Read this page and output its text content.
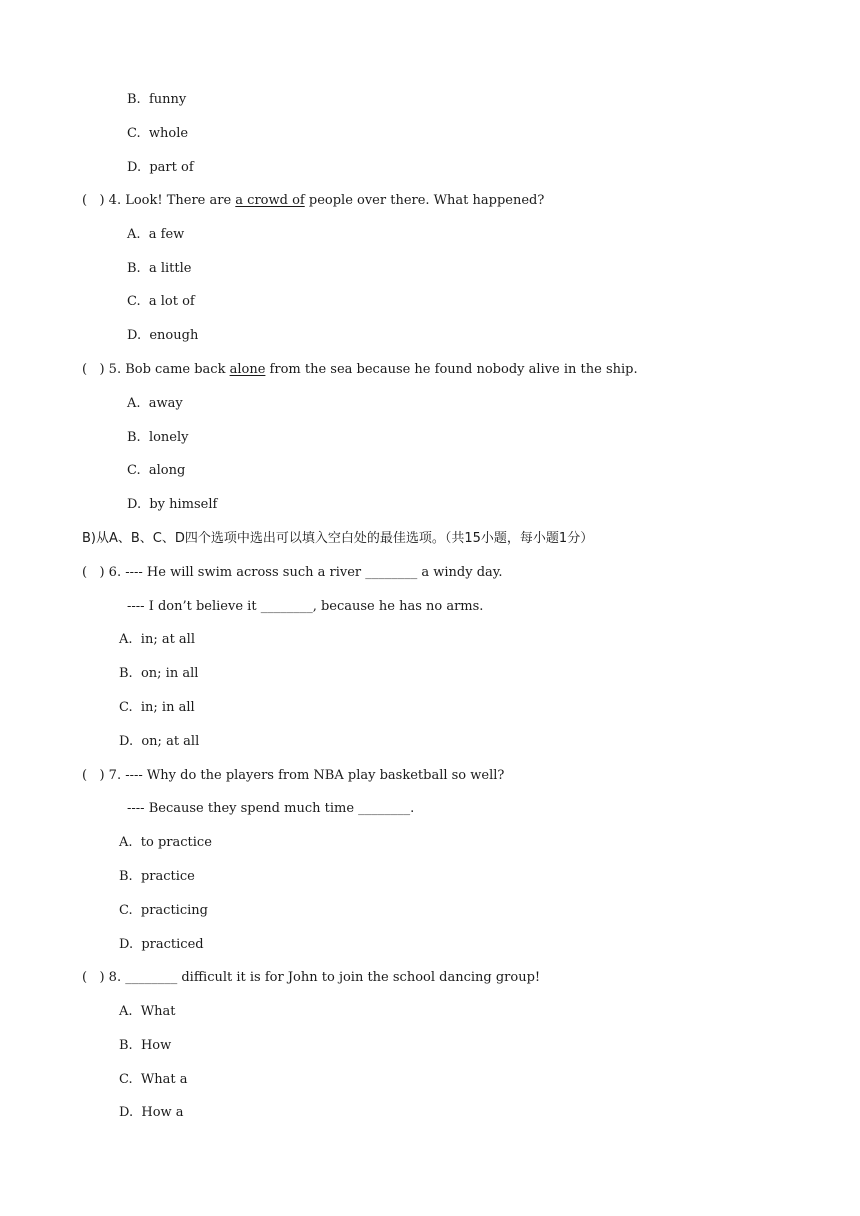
B.  funny
C.  whole
D.  part of
(   ) 4. Look! There are a crowd of people over there. What happened?
A.  a few
B.  a little
C.  a lot of
D.  enough
(   ) 5. Bob came back alone from the sea because he found nobody alive in the ship.
A.  away
B.  lonely
C.  along
D.  by himself
B)从A、B、C、D四个选项中选出可以填入空白处的最佳选项。（共15小题，每小题1分）
(   ) 6. ---- He will swim across such a river ________ a windy day.
---- I don’t believe it ________, because he has no arms.
A.  in; at all
B.  on; in all
C.  in; in all
D.  on; at all
(   ) 7. ---- Why do the players from NBA play basketball so well?
---- Because they spend much time ________.
A.  to practice
B.  practice
C.  practicing
D.  practiced
(   ) 8. ________ difficult it is for John to join the school dancing group!
A.  What
B.  How
C.  What a
D.  How a
